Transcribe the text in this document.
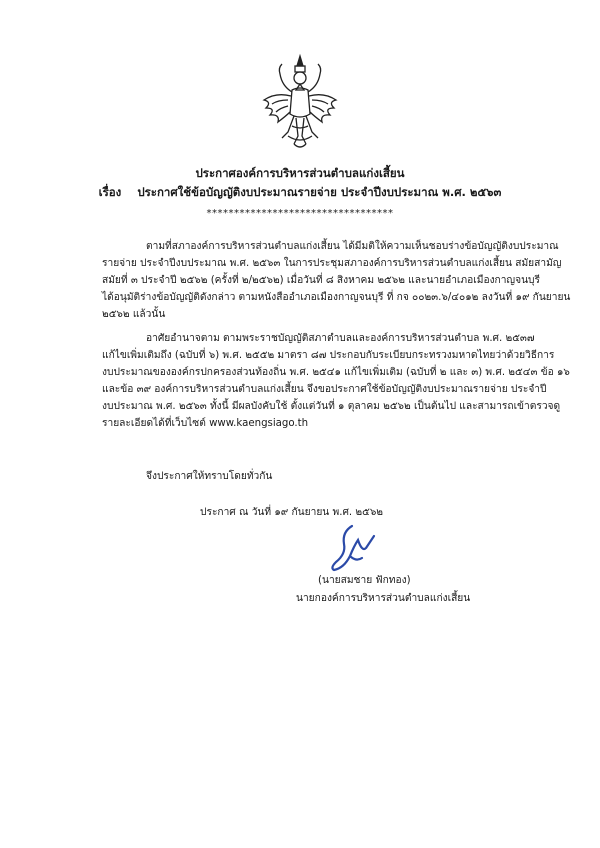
ประกาศองค์การบริหารส่วนตำบลแก่งเสี้ยน
เรื่อง ประกาศใช้ข้อบัญญัติงบประมาณรายจ่าย ประจำปีงบประมาณ พ.ศ. ๒๕๖๓
**********************************
ตามที่สภาองค์การบริหารส่วนตำบลแก่งเสี้ยน ได้มีมติให้ความเห็นชอบร่างข้อบัญญัติงบประมาณ
รายจ่าย ประจำปีงบประมาณ พ.ศ. ๒๕๖๓ ในการประชุมสภาองค์การบริหารส่วนตำบลแก่งเสี้ยน สมัยสามัญ
สมัยที่ ๓ ประจำปี ๒๕๖๒ (ครั้งที่ ๒/๒๕๖๒) เมื่อวันที่ ๘ สิงหาคม ๒๕๖๒ และนายอำเภอเมืองกาญจนบุรี
ได้อนุมัติร่างข้อบัญญัติดังกล่าว ตามหนังสืออำเภอเมืองกาญจนบุรี ที่ กจ ๐๐๒๓.๖/๔๐๑๒ ลงวันที่ ๑๙ กันยายน
๒๕๖๒ แล้วนั้น
อาศัยอำนาจตาม ตามพระราชบัญญัติสภาตำบลและองค์การบริหารส่วนตำบล พ.ศ. ๒๕๓๗
แก้ไขเพิ่มเติมถึง (ฉบับที่ ๖) พ.ศ. ๒๕๕๒ มาตรา ๘๗ ประกอบกับระเบียบกระทรวงมหาดไทยว่าด้วยวิธีการ
งบประมาณขององค์กรปกครองส่วนท้องถิ่น พ.ศ. ๒๕๔๑ แก้ไขเพิ่มเติม (ฉบับที่ ๒ และ ๓) พ.ศ. ๒๕๔๓ ข้อ ๑๖
และข้อ ๓๙ องค์การบริหารส่วนตำบลแก่งเสี้ยน จึงขอประกาศใช้ข้อบัญญัติงบประมาณรายจ่าย ประจำปี
งบประมาณ พ.ศ. ๒๕๖๓ ทั้งนี้ มีผลบังคับใช้ ตั้งแต่วันที่ ๑ ตุลาคม ๒๕๖๒ เป็นต้นไป และสามารถเข้าตรวจดู
รายละเอียดได้ที่เว็บไซต์ www.kaengsiago.th
จึงประกาศให้ทราบโดยทั่วกัน
ประกาศ ณ วันที่ ๑๙ กันยายน พ.ศ. ๒๕๖๒
(นายสมชาย ฟักทอง)
นายกองค์การบริหารส่วนตำบลแก่งเสี้ยน
